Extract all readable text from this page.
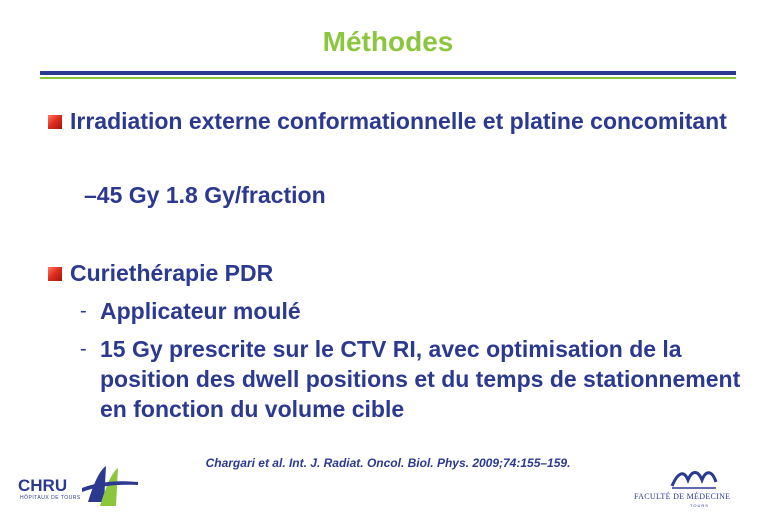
Méthodes
Irradiation externe conformationnelle et platine concomitant
–45 Gy 1.8 Gy/fraction
Curiethérapie PDR
- Applicateur moulé
- 15 Gy prescrite sur le CTV RI, avec optimisation de la position des dwell positions et du temps de stationnement en fonction du volume cible
Chargari et al. Int. J. Radiat. Oncol. Biol. Phys. 2009;74:155–159.
CHRU
HÔPITAUX DE TOURS	FACULTÉ DE MÉDECINE
TOURS
